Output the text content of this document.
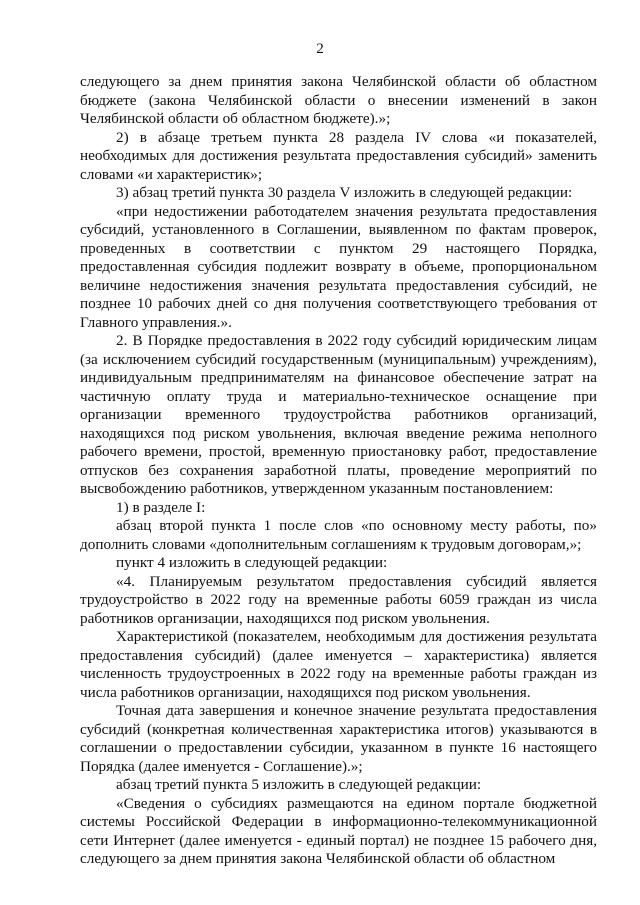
2

следующего за днем принятия закона Челябинской области об областном бюджете (закона Челябинской области о внесении изменений в закон Челябинской области об областном бюджете).»;

2) в абзаце третьем пункта 28 раздела IV слова «и показателей, необходимых для достижения результата предоставления субсидий» заменить словами «и характеристик»;

3) абзац третий пункта 30 раздела V изложить в следующей редакции:

«при недостижении работодателем значения результата предоставления субсидий, установленного в Соглашении, выявленном по фактам проверок, проведенных в соответствии с пунктом 29 настоящего Порядка, предоставленная субсидия подлежит возврату в объеме, пропорциональном величине недостижения значения результата предоставления субсидий, не позднее 10 рабочих дней со дня получения соответствующего требования от Главного управления.».

2. В Порядке предоставления в 2022 году субсидий юридическим лицам (за исключением субсидий государственным (муниципальным) учреждениям), индивидуальным предпринимателям на финансовое обеспечение затрат на частичную оплату труда и материально-техническое оснащение при организации временного трудоустройства работников организаций, находящихся под риском увольнения, включая введение режима неполного рабочего времени, простой, временную приостановку работ, предоставление отпусков без сохранения заработной платы, проведение мероприятий по высвобождению работников, утвержденном указанным постановлением:

1) в разделе I:

абзац второй пункта 1 после слов «по основному месту работы, по» дополнить словами «дополнительным соглашениям к трудовым договорам,»;

пункт 4 изложить в следующей редакции:

«4. Планируемым результатом предоставления субсидий является трудоустройство в 2022 году на временные работы 6059 граждан из числа работников организации, находящихся под риском увольнения.

Характеристикой (показателем, необходимым для достижения результата предоставления субсидий) (далее именуется – характеристика) является численность трудоустроенных в 2022 году на временные работы граждан из числа работников организации, находящихся под риском увольнения.

Точная дата завершения и конечное значение результата предоставления субсидий (конкретная количественная характеристика итогов) указываются в соглашении о предоставлении субсидии, указанном в пункте 16 настоящего Порядка (далее именуется - Соглашение).»;

абзац третий пункта 5 изложить в следующей редакции:

«Сведения о субсидиях размещаются на едином портале бюджетной системы Российской Федерации в информационно-телекоммуникационной сети Интернет (далее именуется - единый портал) не позднее 15 рабочего дня, следующего за днем принятия закона Челябинской области об областном
